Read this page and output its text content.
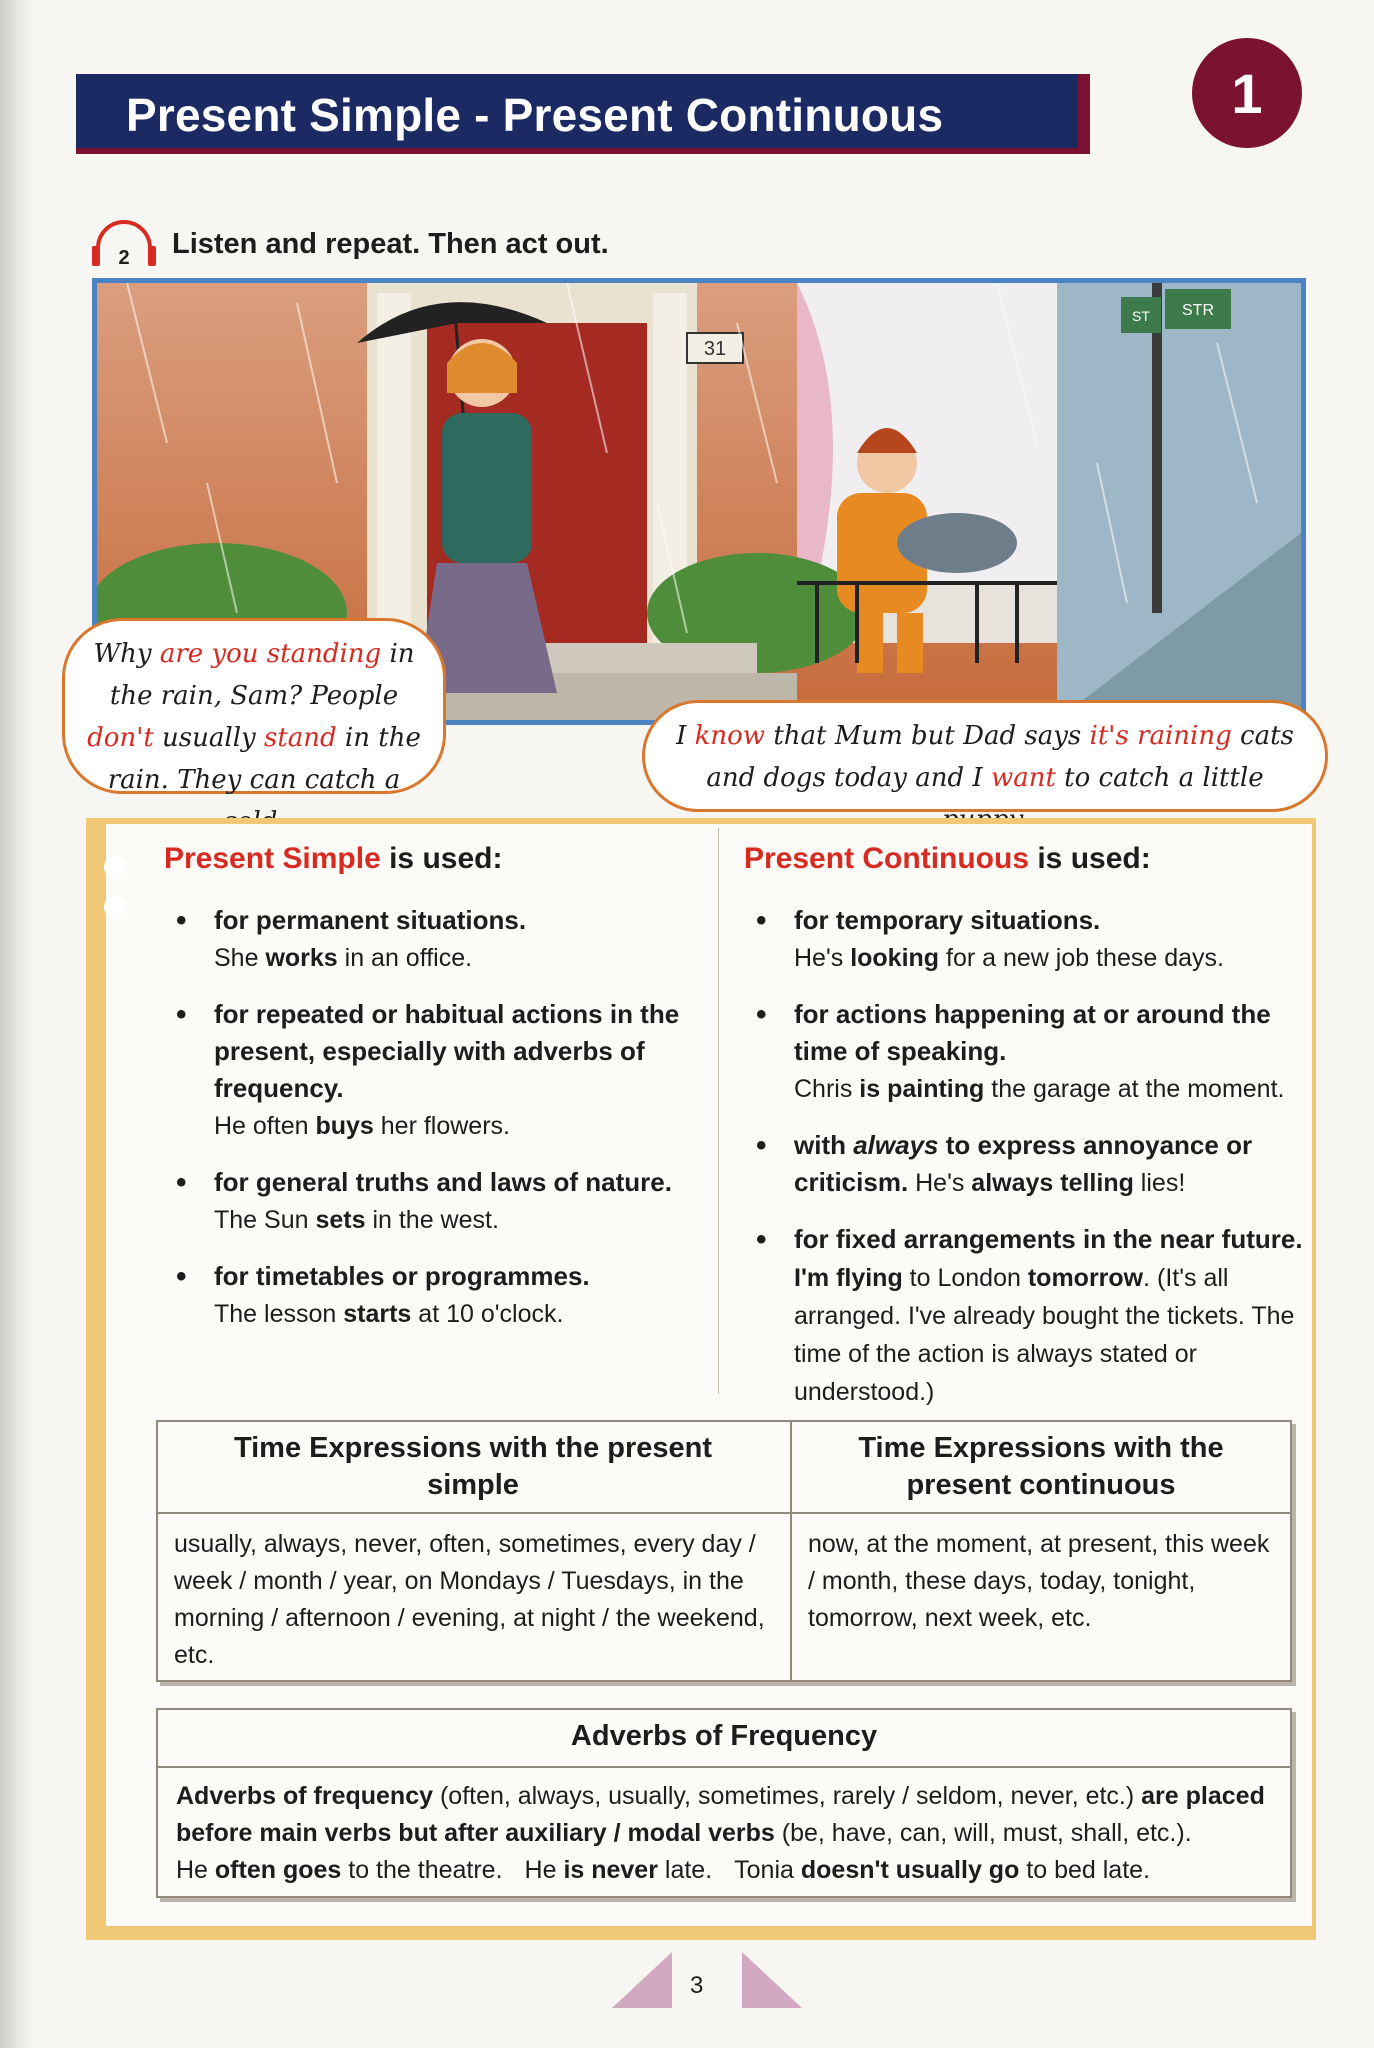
Present Simple - Present Continuous	1
2 Listen and repeat. Then act out.
31
ST STR
Why are you standing in the rain, Sam? People don't usually stand in the rain. They can catch a
I know that Mum but Dad says it's raining cats and dogs today and I want to catch a little
Present Simple is used:
• for permanent situations.
She works in an office.
• for repeated or habitual actions in the present, especially with adverbs of frequency.
He often buys her flowers.
• for general truths and laws of nature.
The Sun sets in the west.
• for timetables or programmes.
The lesson starts at 10 o'clock.
Present Continuous is used:
• for temporary situations.
He's looking for a new job these days.
• for actions happening at or around the time of speaking.
Chris is painting the garage at the moment.
• with always to express annoyance or criticism. He's always telling lies!
• for fixed arrangements in the near future. I'm flying to London tomorrow. (It's all arranged. I've already bought the tickets. The time of the action is always stated or understood.)
Time Expressions with the present simple
Time Expressions with the present continuous
usually, always, never, often, sometimes, every day / week / month / year, on Mondays / Tuesdays, in the morning / afternoon / evening, at night / the weekend, etc.
now, at the moment, at present, this week / month, these days, today, tonight, tomorrow, next week, etc.
Adverbs of Frequency
Adverbs of frequency (often, always, usually, sometimes, rarely / seldom, never, etc.) are placed before main verbs but after auxiliary / modal verbs (be, have, can, will, must, shall, etc.).
He often goes to the theatre. He is never late. Tonia doesn't usually go to bed late.
3
